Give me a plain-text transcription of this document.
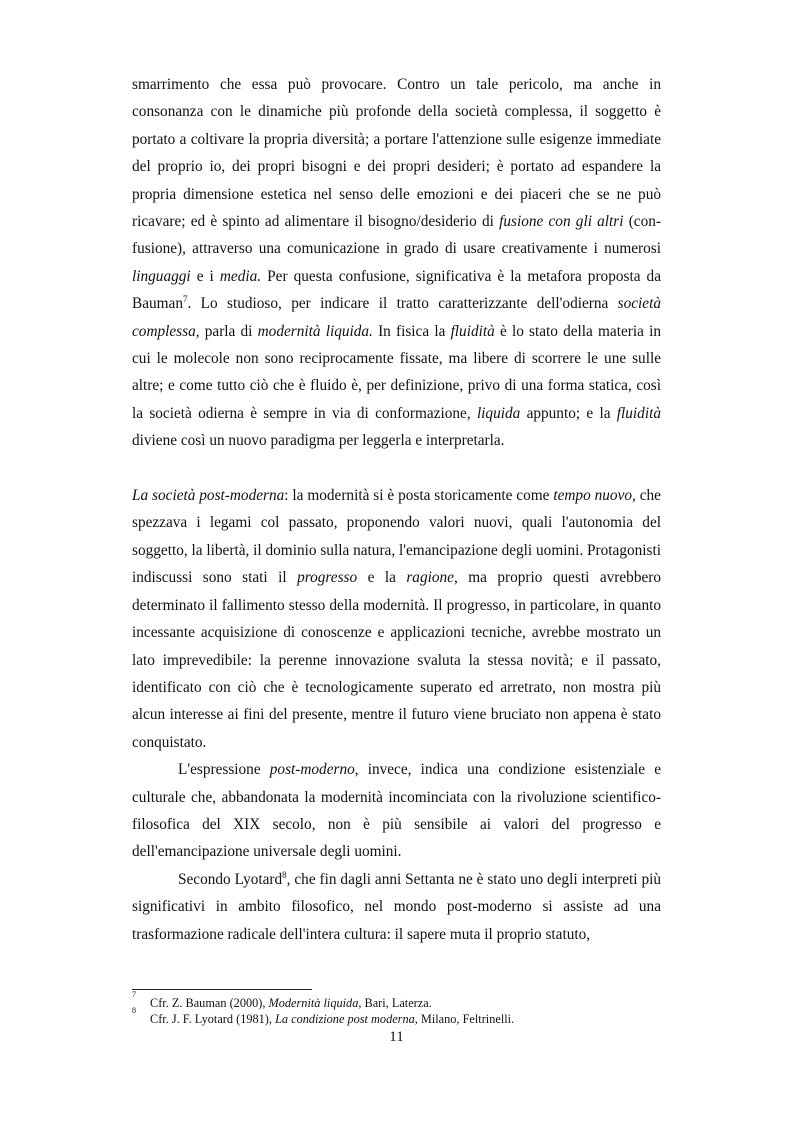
smarrimento che essa può provocare. Contro un tale pericolo, ma anche in consonanza con le dinamiche più profonde della società complessa, il soggetto è portato a coltivare la propria diversità; a portare l'attenzione sulle esigenze immediate del proprio io, dei propri bisogni e dei propri desideri; è portato ad espandere la propria dimensione estetica nel senso delle emozioni e dei piaceri che se ne può ricavare; ed è spinto ad alimentare il bisogno/desiderio di fusione con gli altri (con-fusione), attraverso una comunicazione in grado di usare creativamente i numerosi linguaggi e i media. Per questa confusione, significativa è la metafora proposta da Bauman$^7$. Lo studioso, per indicare il tratto caratterizzante dell'odierna società complessa, parla di modernità liquida. In fisica la fluidità è lo stato della materia in cui le molecole non sono reciprocamente fissate, ma libere di scorrere le une sulle altre; e come tutto ciò che è fluido è, per definizione, privo di una forma statica, così la società odierna è sempre in via di conformazione, liquida appunto; e la fluidità diviene così un nuovo paradigma per leggerla e interpretarla.

La società post-moderna: la modernità si è posta storicamente come tempo nuovo, che spezzava i legami col passato, proponendo valori nuovi, quali l'autonomia del soggetto, la libertà, il dominio sulla natura, l'emancipazione degli uomini. Protagonisti indiscussi sono stati il progresso e la ragione, ma proprio questi avrebbero determinato il fallimento stesso della modernità. Il progresso, in particolare, in quanto incessante acquisizione di conoscenze e applicazioni tecniche, avrebbe mostrato un lato imprevedibile: la perenne innovazione svaluta la stessa novità; e il passato, identificato con ciò che è tecnologicamente superato ed arretrato, non mostra più alcun interesse ai fini del presente, mentre il futuro viene bruciato non appena è stato conquistato.

L'espressione post-moderno, invece, indica una condizione esistenziale e culturale che, abbandonata la modernità incominciata con la rivoluzione scientifico-filosofica del XIX secolo, non è più sensibile ai valori del progresso e dell'emancipazione universale degli uomini.

Secondo Lyotard$^8$, che fin dagli anni Settanta ne è stato uno degli interpreti più significativi in ambito filosofico, nel mondo post-moderno si assiste ad una trasformazione radicale dell'intera cultura: il sapere muta il proprio statuto,

7
Cfr. Z. Bauman (2000), Modernità liquida, Bari, Laterza.
8
Cfr. J. F. Lyotard (1981), La condizione post moderna, Milano, Feltrinelli.
11
